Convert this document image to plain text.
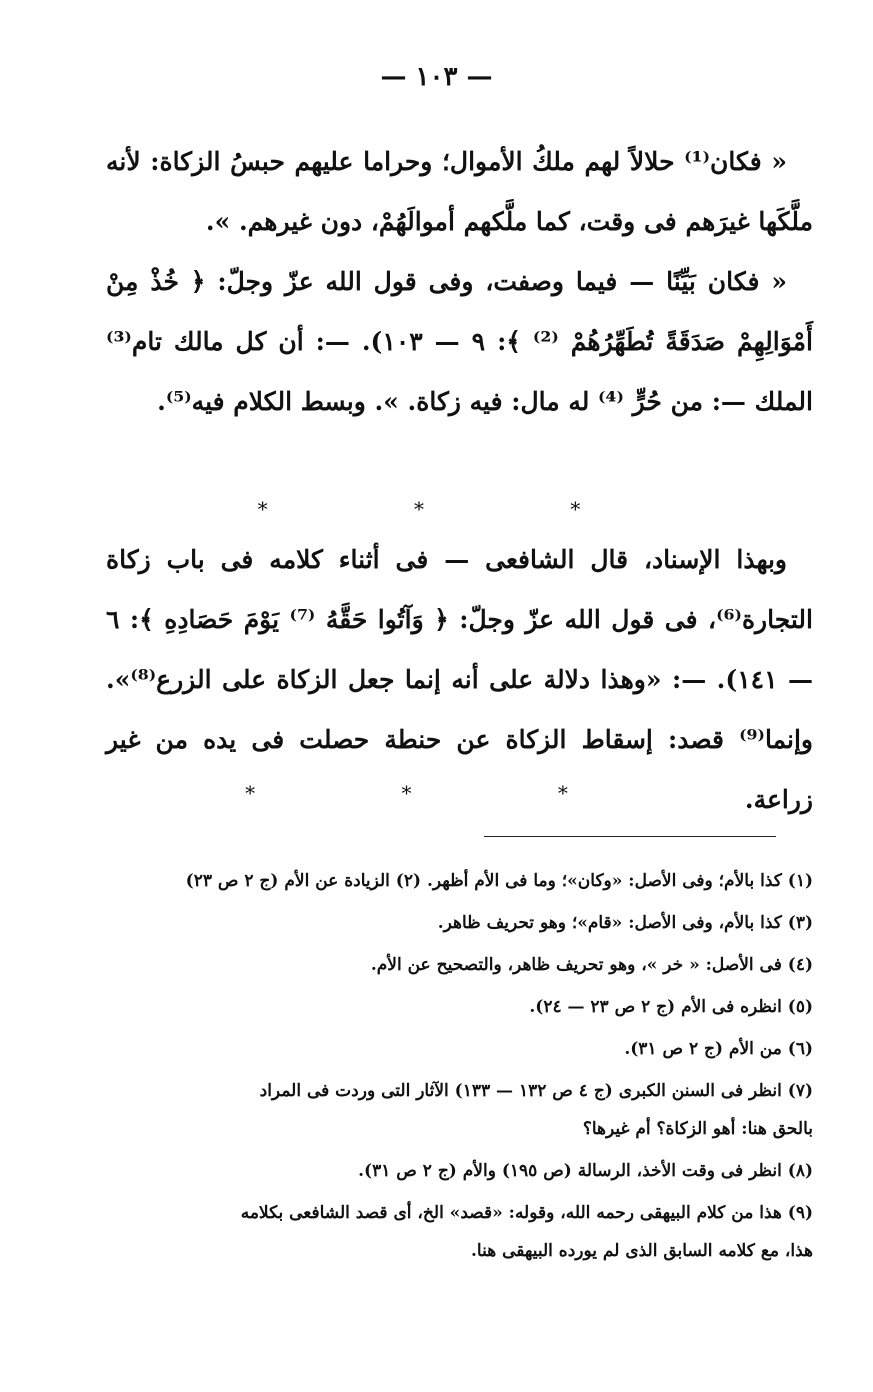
— ١٠٣ —

« فكان⁽¹⁾ حلالاً لهم ملكُ الأموال؛ وحراما عليهم حبسُ الزكاة: لأنه ملَّكَها غيرَهم فى وقت، كما ملَّكهم أموالَهُمْ، دون غيرهم. ».

« فكان بَيِّنًا — فيما وصفت، وفى قول الله عزّ وجلّ: ﴿ خُذْ مِنْ أَمْوَالِهِمْ صَدَقَةً تُطَهِّرُهُمْ ⁽²⁾ ﴾: ٩ — ١٠٣). —: أن كل مالك تام⁽³⁾ الملك —: من حُرٍّ ⁽⁴⁾ له مال: فيه زكاة. ». وبسط الكلام فيه⁽⁵⁾.

* * *

وبهذا الإسناد، قال الشافعى — فى أثناء كلامه فى باب زكاة التجارة⁽⁶⁾، فى قول الله عزّ وجلّ: ﴿ وَآتُوا حَقَّهُ ⁽⁷⁾ يَوْمَ حَصَادِهِ ﴾: ٦ — ١٤١). —: «وهذا دلالة على أنه إنما جعل الزكاة على الزرع⁽⁸⁾». وإنما⁽⁹⁾ قصد: إسقاط الزكاة عن حنطة حصلت فى يده من غير زراعة.

* * *

(١) كذا بالأم؛ وفى الأصل: «وكان»؛ وما فى الأم أظهر. (٢) الزيادة عن الأم (ج ٢ ص ٢٣)

(٣) كذا بالأم، وفى الأصل: «قام»؛ وهو تحريف ظاهر.

(٤) فى الأصل: « خر »، وهو تحريف ظاهر، والتصحيح عن الأم.

(٥) انظره فى الأم (ج ٢ ص ٢٣ — ٢٤).

(٦) من الأم (ج ٢ ص ٣١).

(٧) انظر فى السنن الكبرى (ج ٤ ص ١٣٢ — ١٣٣) الآثار التى وردت فى المراد

بالحق هنا: أهو الزكاة؟ أم غيرها؟

(٨) انظر فى وقت الأخذ، الرسالة (ص ١٩٥) والأم (ج ٢ ص ٣١).

(٩) هذا من كلام البيهقى رحمه الله، وقوله: «قصد» الخ، أى قصد الشافعى بكلامه

هذا، مع كلامه السابق الذى لم يورده البيهقى هنا.
